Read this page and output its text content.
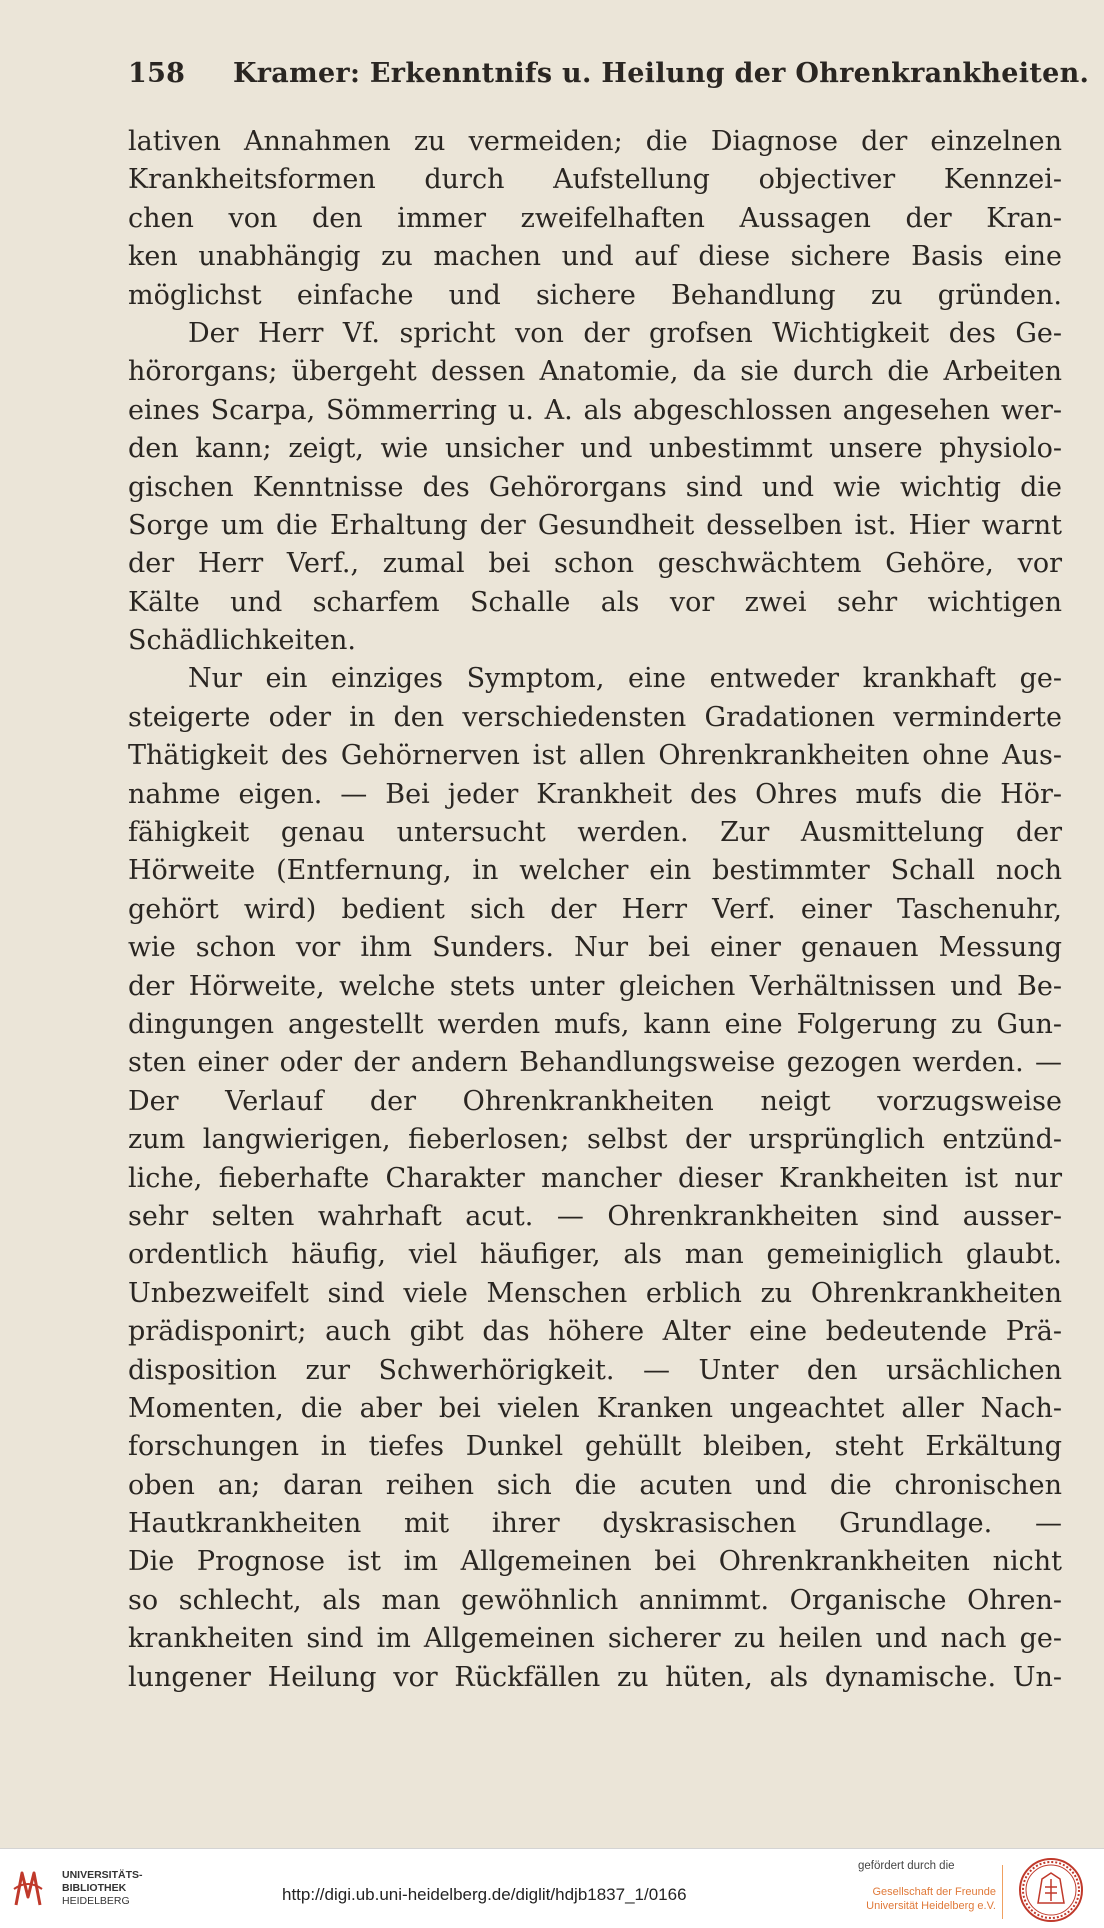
158 Kramer: Erkenntnifs u. Heilung der Ohrenkrankheiten.
lativen Annahmen zu vermeiden; die Diagnose der einzelnen
Krankheitsformen durch Aufstellung objectiver Kennzei-
chen von den immer zweifelhaften Aussagen der Kran-
ken unabhängig zu machen und auf diese sichere Basis eine
möglichst einfache und sichere Behandlung zu gründen.
Der Herr Vf. spricht von der grofsen Wichtigkeit des Ge-
hörorgans; übergeht dessen Anatomie, da sie durch die Arbeiten
eines Scarpa, Sömmerring u. A. als abgeschlossen angesehen wer-
den kann; zeigt, wie unsicher und unbestimmt unsere physiolo-
gischen Kenntnisse des Gehörorgans sind und wie wichtig die
Sorge um die Erhaltung der Gesundheit desselben ist. Hier warnt
der Herr Verf., zumal bei schon geschwächtem Gehöre, vor
Kälte und scharfem Schalle als vor zwei sehr wichtigen
Schädlichkeiten.
Nur ein einziges Symptom, eine entweder krankhaft ge-
steigerte oder in den verschiedensten Gradationen verminderte
Thätigkeit des Gehörnerven ist allen Ohrenkrankheiten ohne Aus-
nahme eigen. — Bei jeder Krankheit des Ohres mufs die Hör-
fähigkeit genau untersucht werden. Zur Ausmittelung der
Hörweite (Entfernung, in welcher ein bestimmter Schall noch
gehört wird) bedient sich der Herr Verf. einer Taschenuhr,
wie schon vor ihm Sunders. Nur bei einer genauen Messung
der Hörweite, welche stets unter gleichen Verhältnissen und Be-
dingungen angestellt werden mufs, kann eine Folgerung zu Gun-
sten einer oder der andern Behandlungsweise gezogen werden. —
Der Verlauf der Ohrenkrankheiten neigt vorzugsweise
zum langwierigen, fieberlosen; selbst der ursprünglich entzünd-
liche, fieberhafte Charakter mancher dieser Krankheiten ist nur
sehr selten wahrhaft acut. — Ohrenkrankheiten sind ausser-
ordentlich häufig, viel häufiger, als man gemeiniglich glaubt.
Unbezweifelt sind viele Menschen erblich zu Ohrenkrankheiten
prädisponirt; auch gibt das höhere Alter eine bedeutende Prä-
disposition zur Schwerhörigkeit. — Unter den ursächlichen
Momenten, die aber bei vielen Kranken ungeachtet aller Nach-
forschungen in tiefes Dunkel gehüllt bleiben, steht Erkältung
oben an; daran reihen sich die acuten und die chronischen
Hautkrankheiten mit ihrer dyskrasischen Grundlage. —
Die Prognose ist im Allgemeinen bei Ohrenkrankheiten nicht
so schlecht, als man gewöhnlich annimmt. Organische Ohren-
krankheiten sind im Allgemeinen sicherer zu heilen und nach ge-
lungener Heilung vor Rückfällen zu hüten, als dynamische. Un-
UNIVERSITÄTS-
BIBLIOTHEK
HEIDELBERG	http://digi.ub.uni-heidelberg.de/diglit/hdjb1837_1/0166
gefördert durch die
Gesellschaft der Freunde
Universität Heidelberg e.V.
